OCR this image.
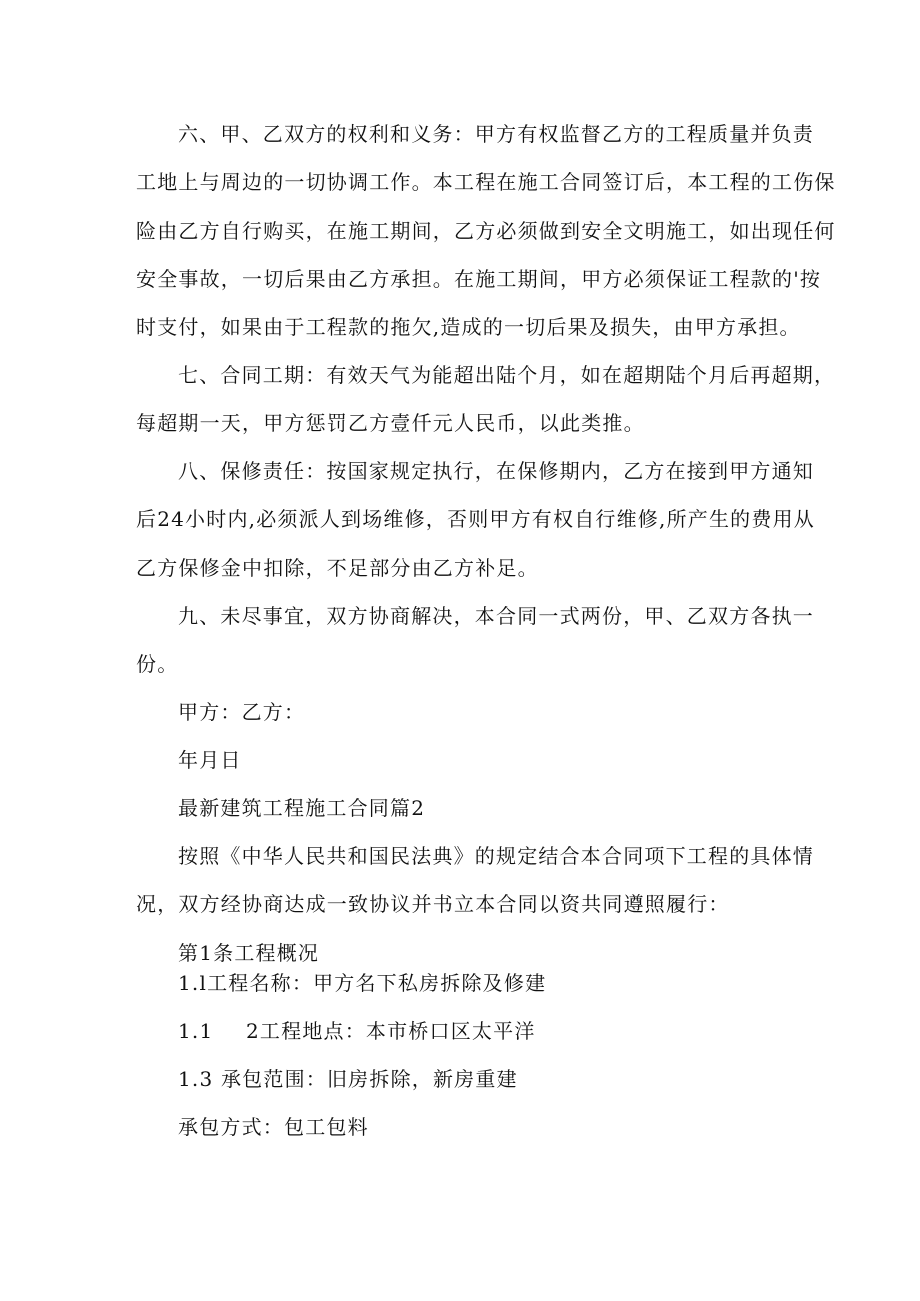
六、甲、乙双方的权利和义务：甲方有权监督乙方的工程质量并负责
工地上与周边的一切协调工作。本工程在施工合同签订后，本工程的工伤保
险由乙方自行购买，在施工期间，乙方必须做到安全文明施工，如出现任何
安全事故，一切后果由乙方承担。在施工期间，甲方必须保证工程款的'按
时支付，如果由于工程款的拖欠,造成的一切后果及损失，由甲方承担。
七、合同工期：有效天气为能超出陆个月，如在超期陆个月后再超期，
每超期一天，甲方惩罚乙方壹仟元人民币，以此类推。
八、保修责任：按国家规定执行，在保修期内，乙方在接到甲方通知
后24小时内,必须派人到场维修，否则甲方有权自行维修,所产生的费用从
乙方保修金中扣除，不足部分由乙方补足。
九、未尽事宜，双方协商解决，本合同一式两份，甲、乙双方各执一
份。
甲方：乙方：
年月日
最新建筑工程施工合同篇2
按照《中华人民共和国民法典》的规定结合本合同项下工程的具体情
况，双方经协商达成一致协议并书立本合同以资共同遵照履行：
第1条工程概况
1.l工程名称：甲方名下私房拆除及修建
1.1 2工程地点：本市桥口区太平洋
1.3 承包范围：旧房拆除，新房重建
承包方式：包工包料
